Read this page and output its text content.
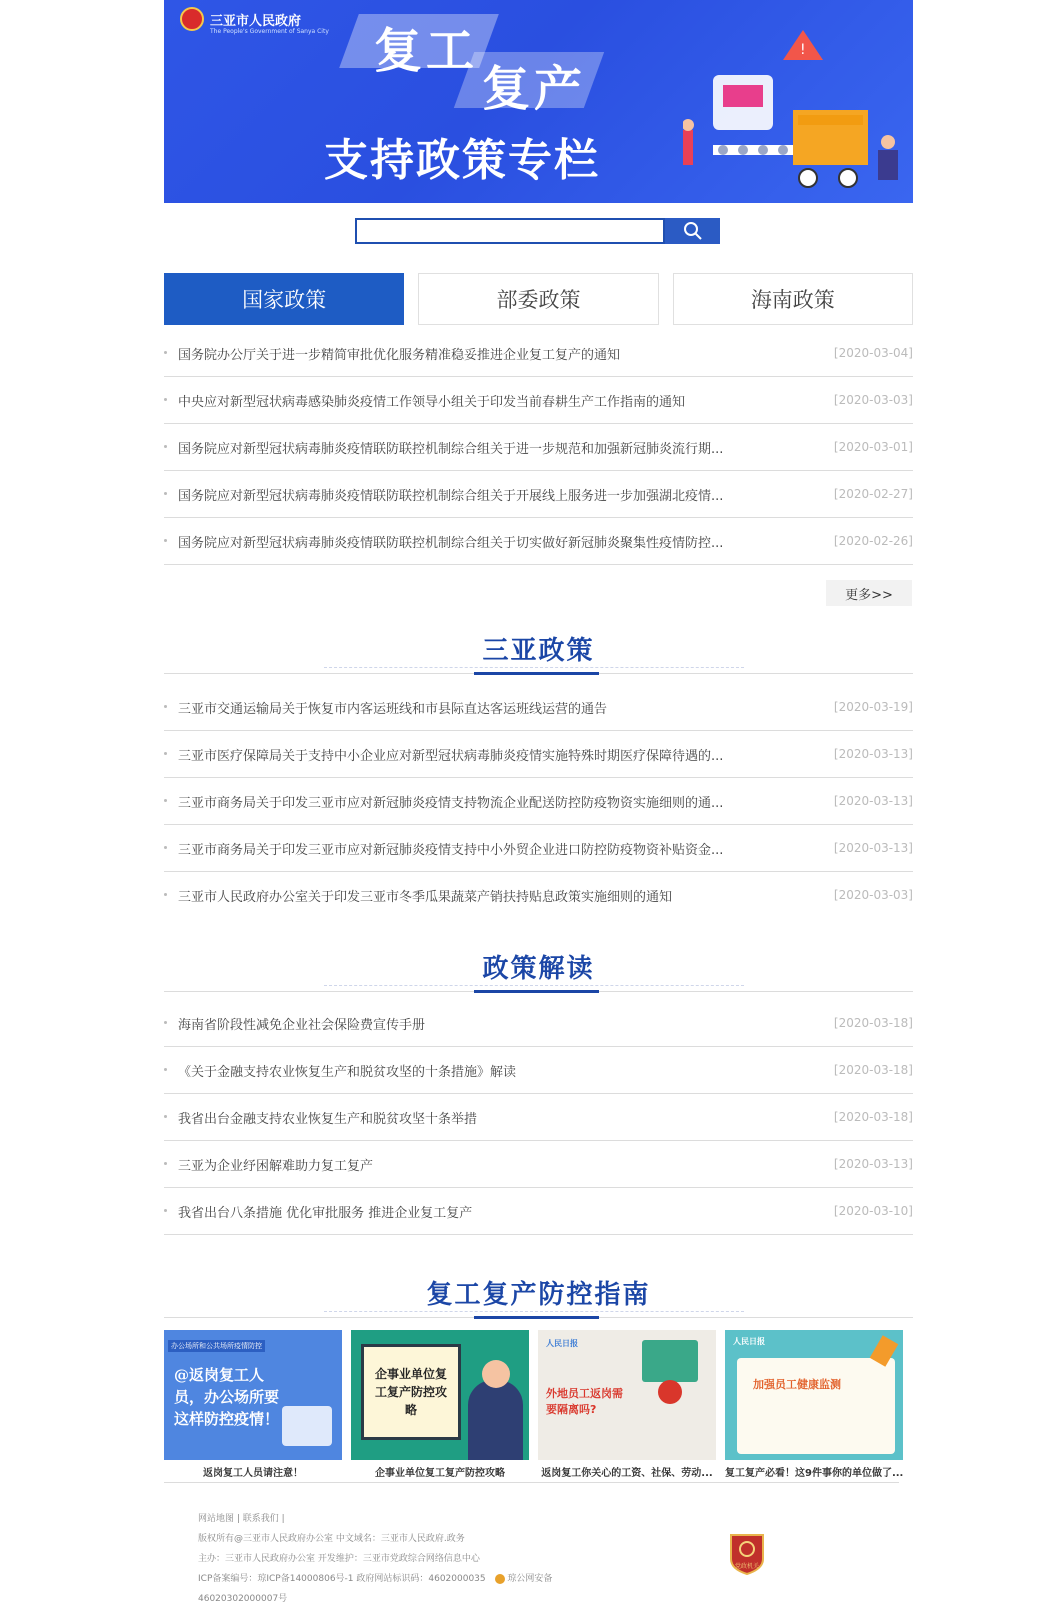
三亚市人民政府
The People's Government of Sanya City 复工
复产
支持政策专栏
!
国家政策	部委政策	海南政策
国务院办公厅关于进一步精简审批优化服务精准稳妥推进企业复工复产的通知	[2020-03-04]
中央应对新型冠状病毒感染肺炎疫情工作领导小组关于印发当前春耕生产工作指南的通知	[2020-03-03]
国务院应对新型冠状病毒肺炎疫情联防联控机制综合组关于进一步规范和加强新冠肺炎流行期...	[2020-03-01]
国务院应对新型冠状病毒肺炎疫情联防联控机制综合组关于开展线上服务进一步加强湖北疫情...	[2020-02-27]
国务院应对新型冠状病毒肺炎疫情联防联控机制综合组关于切实做好新冠肺炎聚集性疫情防控...	[2020-02-26]
更多>>
三亚政策
三亚市交通运输局关于恢复市内客运班线和市县际直达客运班线运营的通告	[2020-03-19]
三亚市医疗保障局关于支持中小企业应对新型冠状病毒肺炎疫情实施特殊时期医疗保障待遇的...	[2020-03-13]
三亚市商务局关于印发三亚市应对新冠肺炎疫情支持物流企业配送防控防疫物资实施细则的通...	[2020-03-13]
三亚市商务局关于印发三亚市应对新冠肺炎疫情支持中小外贸企业进口防控防疫物资补贴资金...	[2020-03-13]
三亚市人民政府办公室关于印发三亚市冬季瓜果蔬菜产销扶持贴息政策实施细则的通知	[2020-03-03]
政策解读
海南省阶段性减免企业社会保险费宣传手册	[2020-03-18]
《关于金融支持农业恢复生产和脱贫攻坚的十条措施》解读	[2020-03-18]
我省出台金融支持农业恢复生产和脱贫攻坚十条举措	[2020-03-18]
三亚为企业纾困解难助力复工复产	[2020-03-13]
我省出台八条措施 优化审批服务 推进企业复工复产	[2020-03-10]
复工复产防控指南
办公场所和公共场所疫情防控
@返岗复工人员，办公场所要这样防控疫情！
返岗复工人员请注意！
企事业单位复工复产防控攻略
企事业单位复工复产防控攻略
人民日报
外地员工返岗需要隔离吗?
返岗复工你关心的工资、社保、劳动...
人民日报
加强员工健康监测
复工复产必看！这9件事你的单位做了...
网站地图 | 联系我们 |
版权所有@三亚市人民政府办公室 中文域名：三亚市人民政府.政务
主办：三亚市人民政府办公室 开发维护：三亚市党政综合网络信息中心
ICP备案编号：琼ICP备14000806号-1 政府网站标识码：4602000035 琼公网安备
46020302000007号
党政机关
